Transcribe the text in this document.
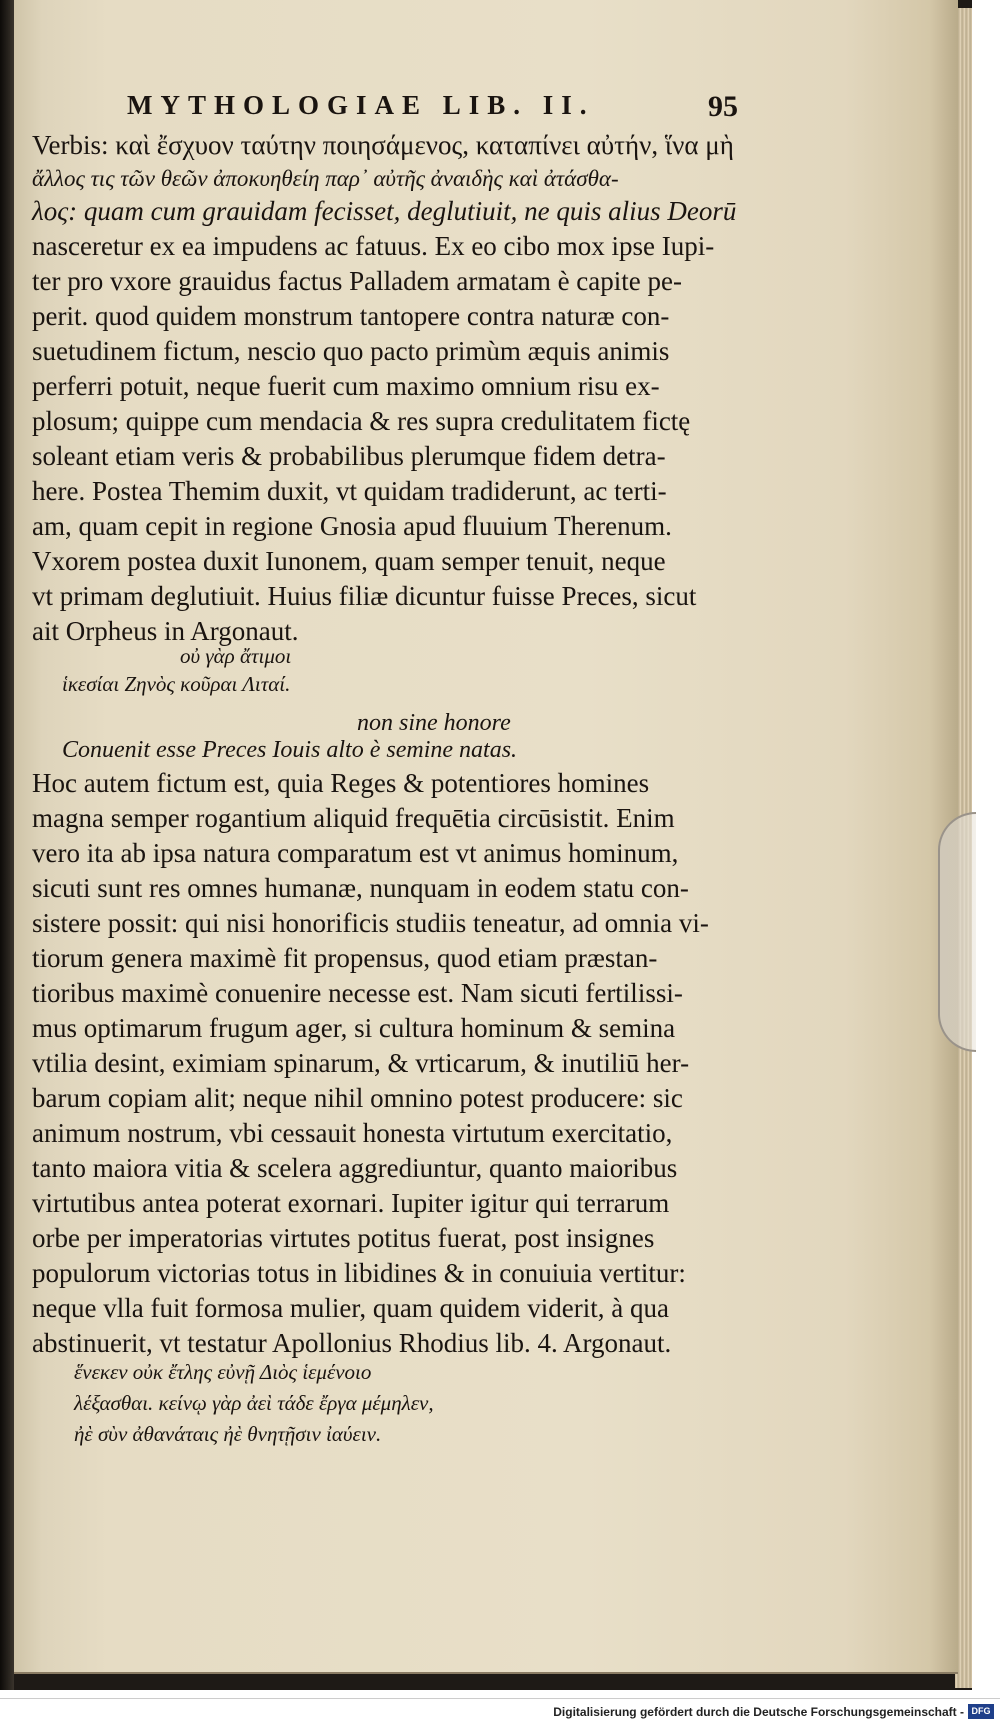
MYTHOLOGIAE LIB. II.	95
Verbis: καὶ ἔσχυον ταύτην ποιησάμενος, καταπίνει αὐτήν, ἵνα μὴ
ἄλλος τις τῶν θεῶν ἀποκυηθείη παρ᾽ αὐτῆς ἀναιδὴς καὶ ἀτάσθα-
λος: quam cum grauidam fecisset, deglutiuit, ne quis alius Deorū
nasceretur ex ea impudens ac fatuus. Ex eo cibo mox ipse Iupi-
ter pro vxore grauidus factus Palladem armatam è capite pe-
perit. quod quidem monstrum tantopere contra naturæ con-
suetudinem fictum, nescio quo pacto primùm æquis animis
perferri potuit, neque fuerit cum maximo omnium risu ex-
plosum; quippe cum mendacia & res supra credulitatem fictę
soleant etiam veris & probabilibus plerumque fidem detra-
here. Postea Themim duxit, vt quidam tradiderunt, ac terti-
am, quam cepit in regione Gnosia apud fluuium Therenum.
Vxorem postea duxit Iunonem, quam semper tenuit, neque
vt primam deglutiuit. Huius filiæ dicuntur fuisse Preces, sicut
ait Orpheus in Argonaut.
οὐ γὰρ ἄτιμοι
ἱκεσίαι Ζηνὸς κοῦραι Λιταί.
non sine honore
Conuenit esse Preces Iouis alto è semine natas.
Hoc autem fictum est, quia Reges & potentiores homines
magna semper rogantium aliquid frequētia circūsistit. Enim
vero ita ab ipsa natura comparatum est vt animus hominum,
sicuti sunt res omnes humanæ, nunquam in eodem statu con-
sistere possit: qui nisi honorificis studiis teneatur, ad omnia vi-
tiorum genera maximè fit propensus, quod etiam præstan-
tioribus maximè conuenire necesse est. Nam sicuti fertilissi-
mus optimarum frugum ager, si cultura hominum & semina
vtilia desint, eximiam spinarum, & vrticarum, & inutiliū her-
barum copiam alit; neque nihil omnino potest producere: sic
animum nostrum, vbi cessauit honesta virtutum exercitatio,
tanto maiora vitia & scelera aggrediuntur, quanto maioribus
virtutibus antea poterat exornari. Iupiter igitur qui terrarum
orbe per imperatorias virtutes potitus fuerat, post insignes
populorum victorias totus in libidines & in conuiuia vertitur:
neque vlla fuit formosa mulier, quam quidem viderit, à qua
abstinuerit, vt testatur Apollonius Rhodius lib. 4. Argonaut.
ἕνεκεν οὐκ ἔτλης εὐνῇ Διὸς ἱεμένοιο
λέξασθαι. κείνῳ γὰρ ἀεὶ τάδε ἔργα μέμηλεν,
ἠὲ σὺν ἀθανάταις ἠὲ θνητῇσιν ἰαύειν.
Digitalisierung gefördert durch die Deutsche Forschungsgemeinschaft - DFG
